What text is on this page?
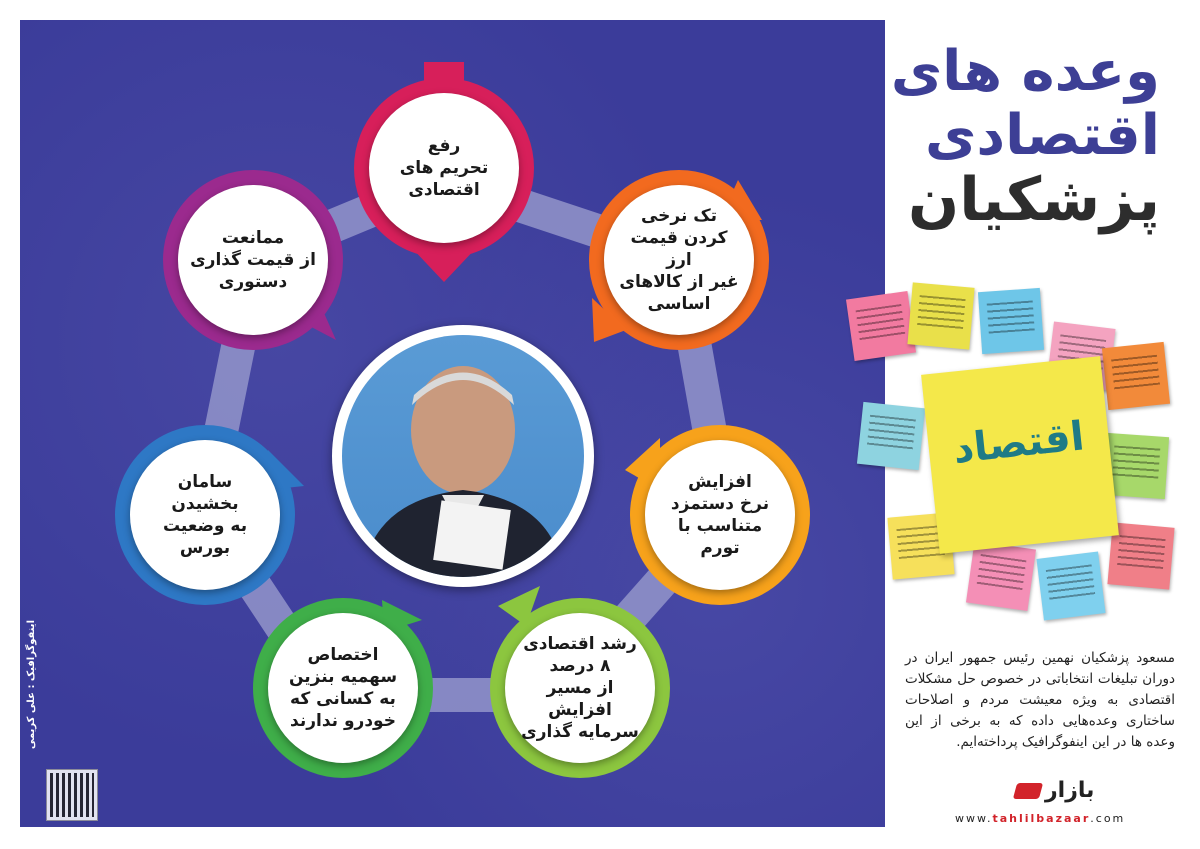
رفع
تحریم های
اقتصادی
تک نرخی
کردن قیمت ارز
غیر از کالاهای
اساسی
افزایش
نرخ دستمزد
متناسب با
تورم
رشد اقتصادی
۸ درصد
از مسیر افزایش
سرمایه گذاری
اختصاص
سهمیه بنزین
به کسانی که
خودرو ندارند
سامان
بخشیدن
به وضعیت
بورس
ممانعت
از قیمت گذاری
دستوری
اینفوگرافیک : علی کریمی
وعده های
اقتصادی
پزشکیان
اقتصاد
مسعود پزشکیان نهمین رئیس جمهور ایران در دوران تبلیغات انتخاباتی در خصوص حل مشکلات اقتصادی به ویژه معیشت مردم و اصلاحات ساختاری وعده‌هایی داده که به برخی از این وعده ها در این اینفوگرافیک پرداخته‌ایم.
بازار
www.tahlilbazaar.com
